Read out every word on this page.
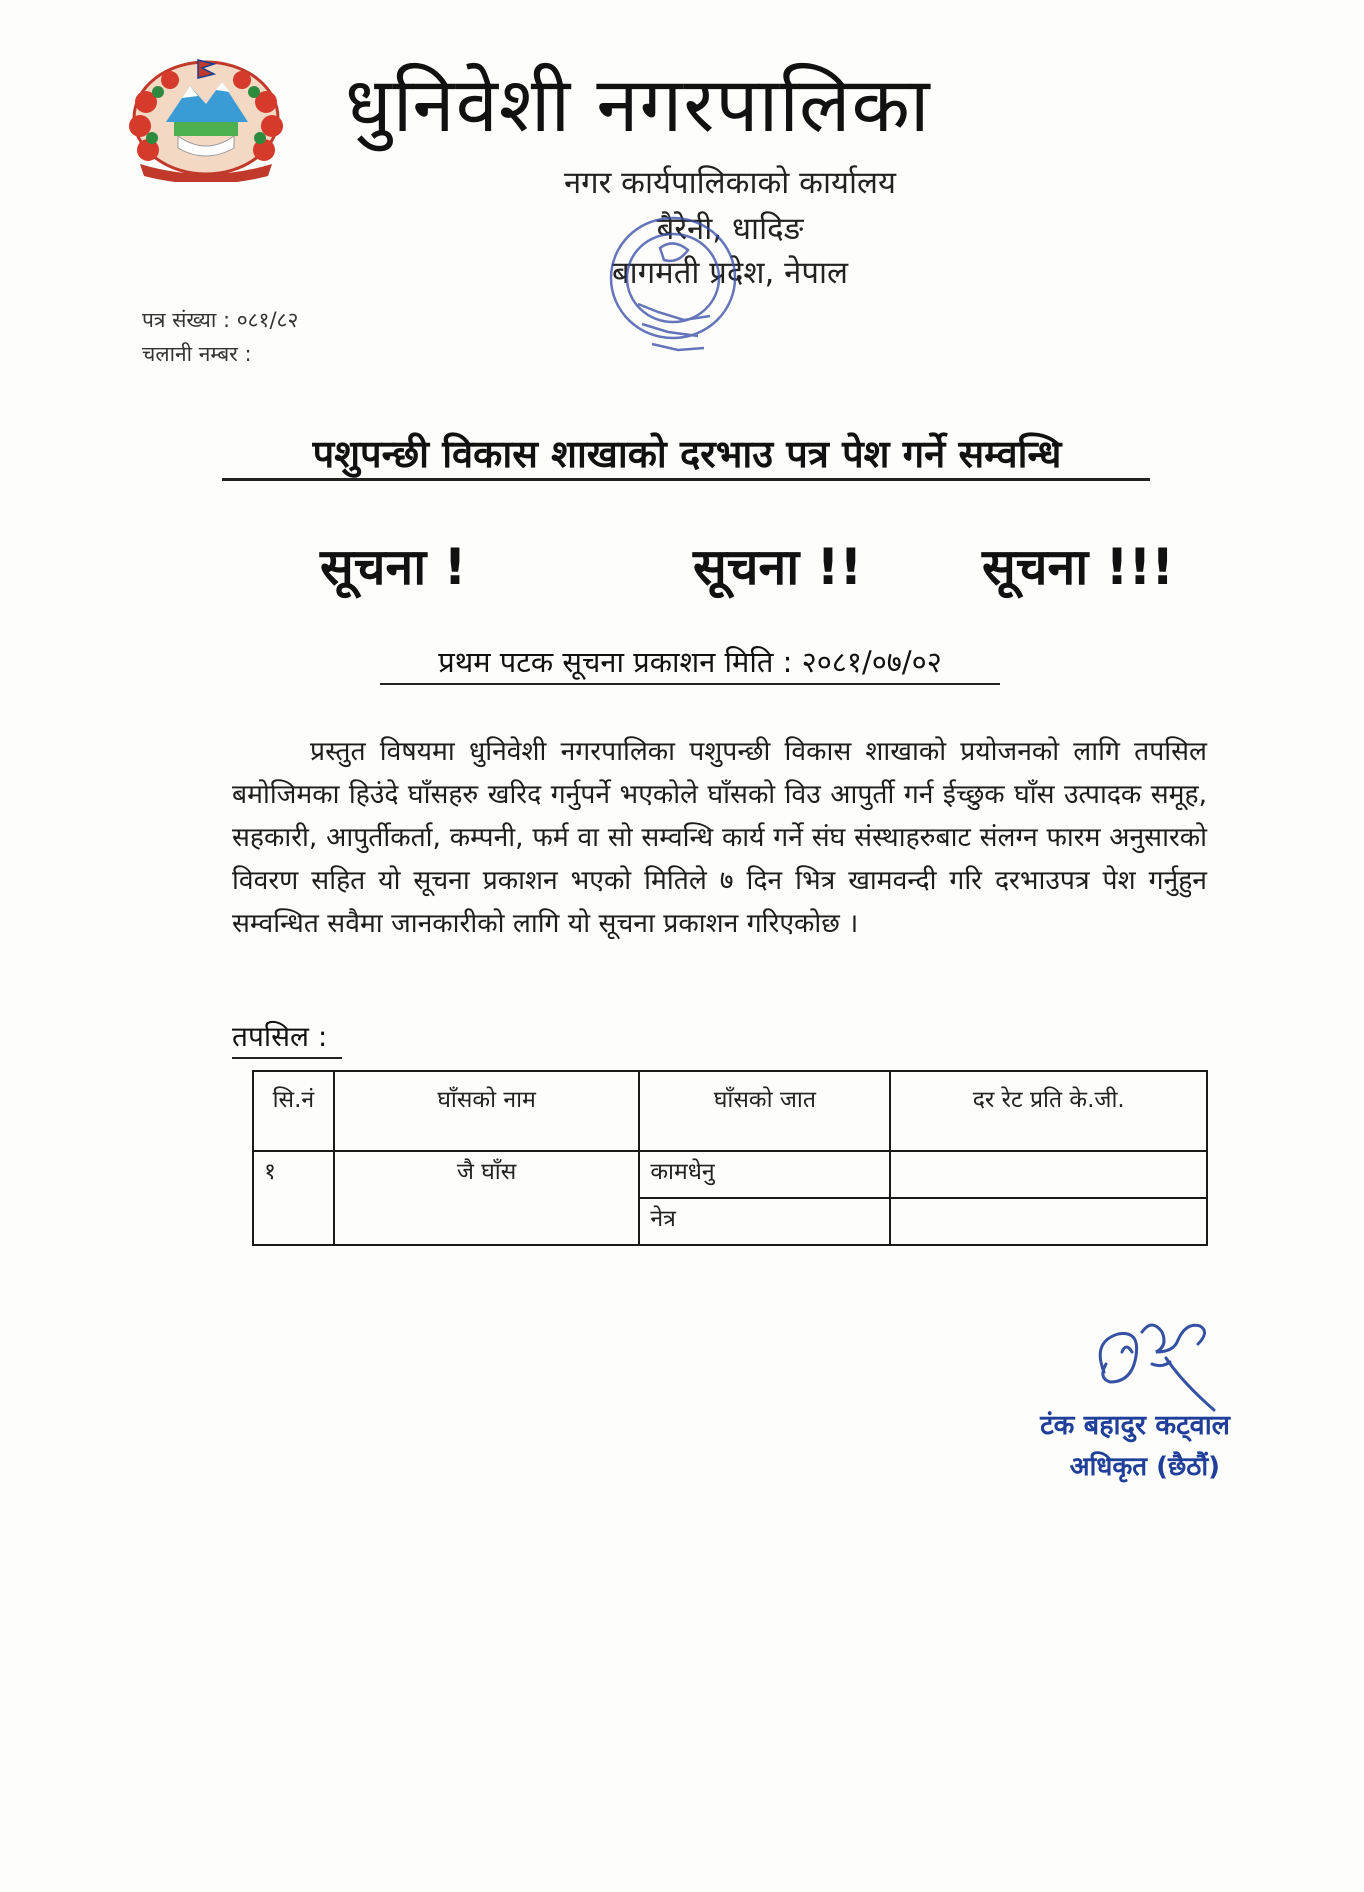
धुनिवेशी नगरपालिका
नगर कार्यपालिकाको कार्यालय
बैरेनी, धादिङ
बागमती प्रदेश, नेपाल
पत्र संख्या : ०८१/८२
चलानी नम्बर :
पशुपन्छी विकास शाखाको दरभाउ पत्र पेश गर्ने सम्वन्धि
सूचना !	सूचना !! सूचना !!!
प्रथम पटक सूचना प्रकाशन मिति : २०८१/०७/०२
प्रस्तुत विषयमा धुनिवेशी नगरपालिका पशुपन्छी विकास शाखाको प्रयोजनको लागि तपसिल बमोजिमका हिउंदे घाँसहरु खरिद गर्नुपर्ने भएकोले घाँसको विउ आपुर्ती गर्न ईच्छुक घाँस उत्पादक समूह, सहकारी, आपुर्तीकर्ता, कम्पनी, फर्म वा सो सम्वन्धि कार्य गर्ने संघ संस्थाहरुबाट संलग्न फारम अनुसारको विवरण सहित यो सूचना प्रकाशन भएको मितिले ७ दिन भित्र खामवन्दी गरि दरभाउपत्र पेश गर्नुहुन सम्वन्धित सवैमा जानकारीको लागि यो सूचना प्रकाशन गरिएकोछ ।
तपसिल :
सि.नं	घाँसको नाम	घाँसको जात	दर रेट प्रति के.जी.
१	जै घाँस	कामधेनु	
		नेत्र	
टंक बहादुर कट्वाल
अधिकृत (छैठौं)
